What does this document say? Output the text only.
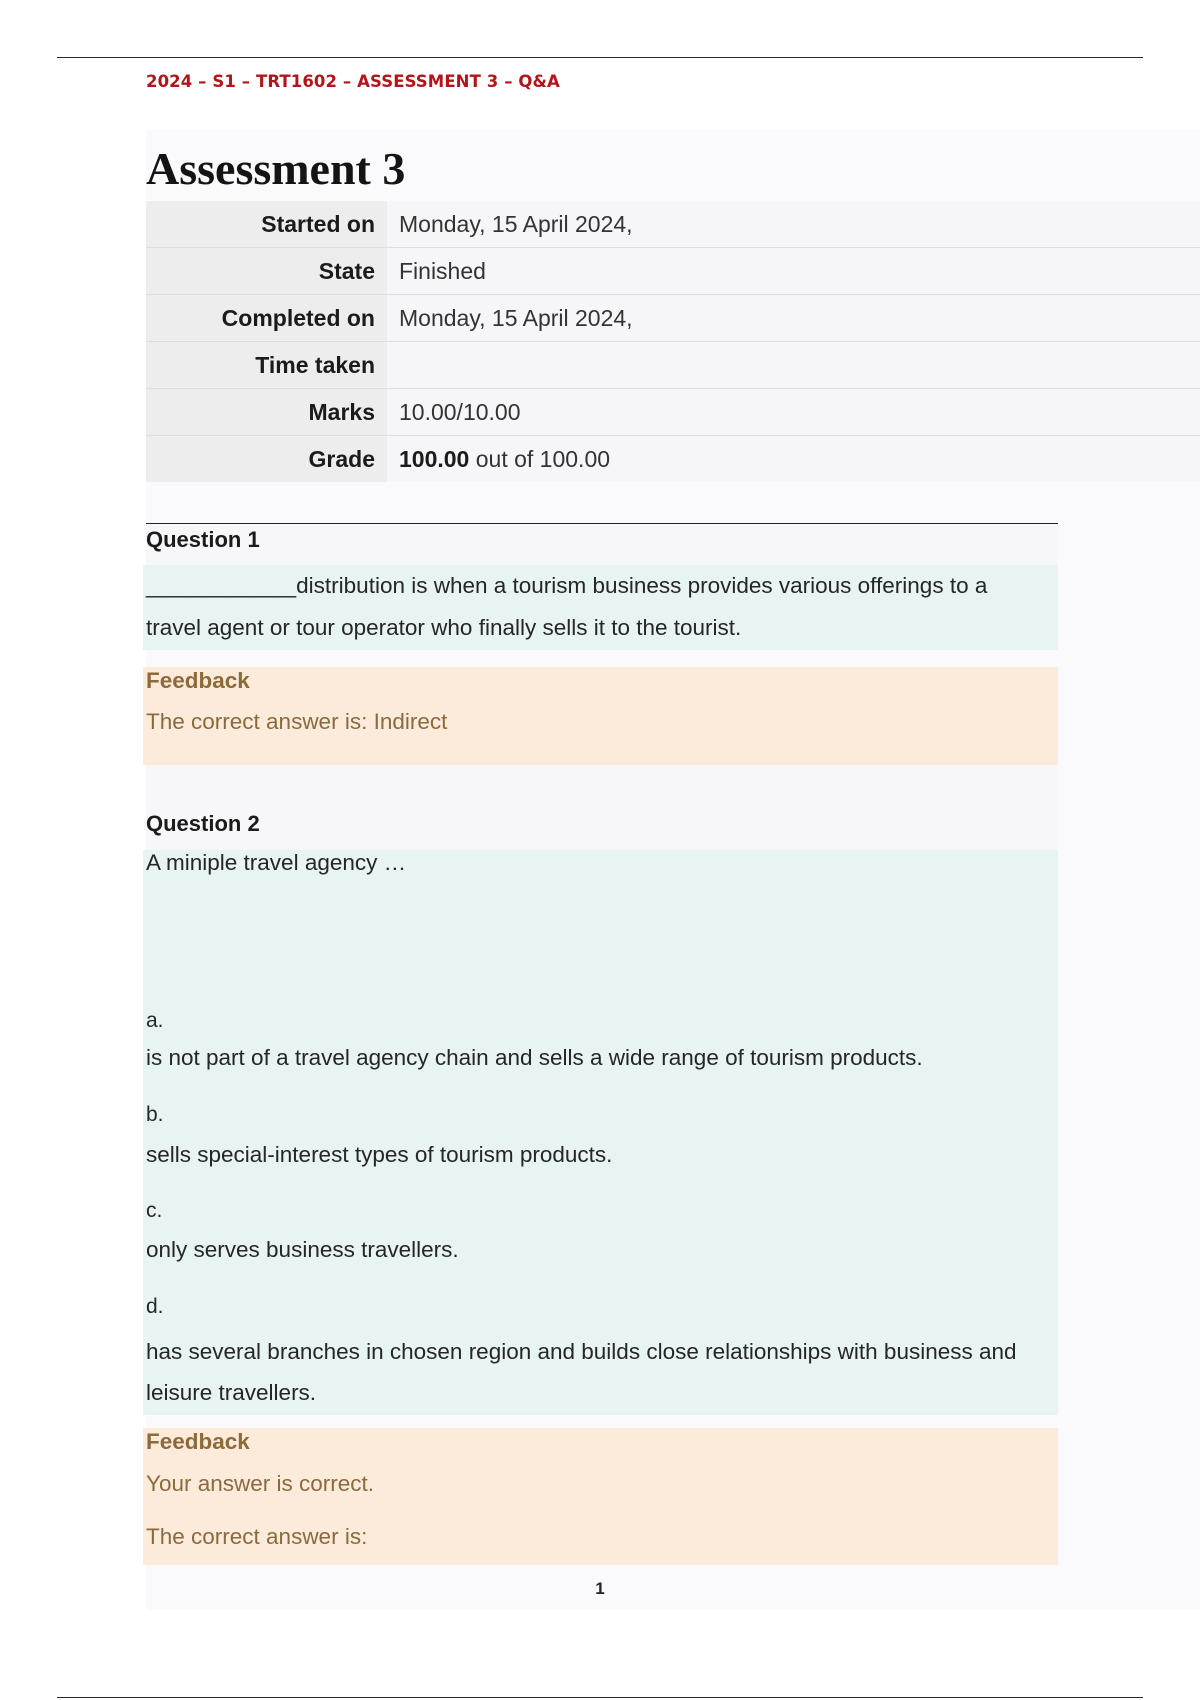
2024 – S1 – TRT1602 – ASSESSMENT 3 – Q&A
Assessment 3
Started on	Monday, 15 April 2024,
State	Finished
Completed on	Monday, 15 April 2024,
Time taken	
Marks	10.00/10.00
Grade	100.00 out of 100.00
Question 1
____________distribution is when a tourism business provides various offerings to a travel agent or tour operator who finally sells it to the tourist.
Feedback
The correct answer is: Indirect
Question 2
A miniple travel agency …
a.
is not part of a travel agency chain and sells a wide range of tourism products.
b.
sells special-interest types of tourism products.
c.
only serves business travellers.
d.
has several branches in chosen region and builds close relationships with business and leisure travellers.
Feedback
Your answer is correct.
The correct answer is:
1
